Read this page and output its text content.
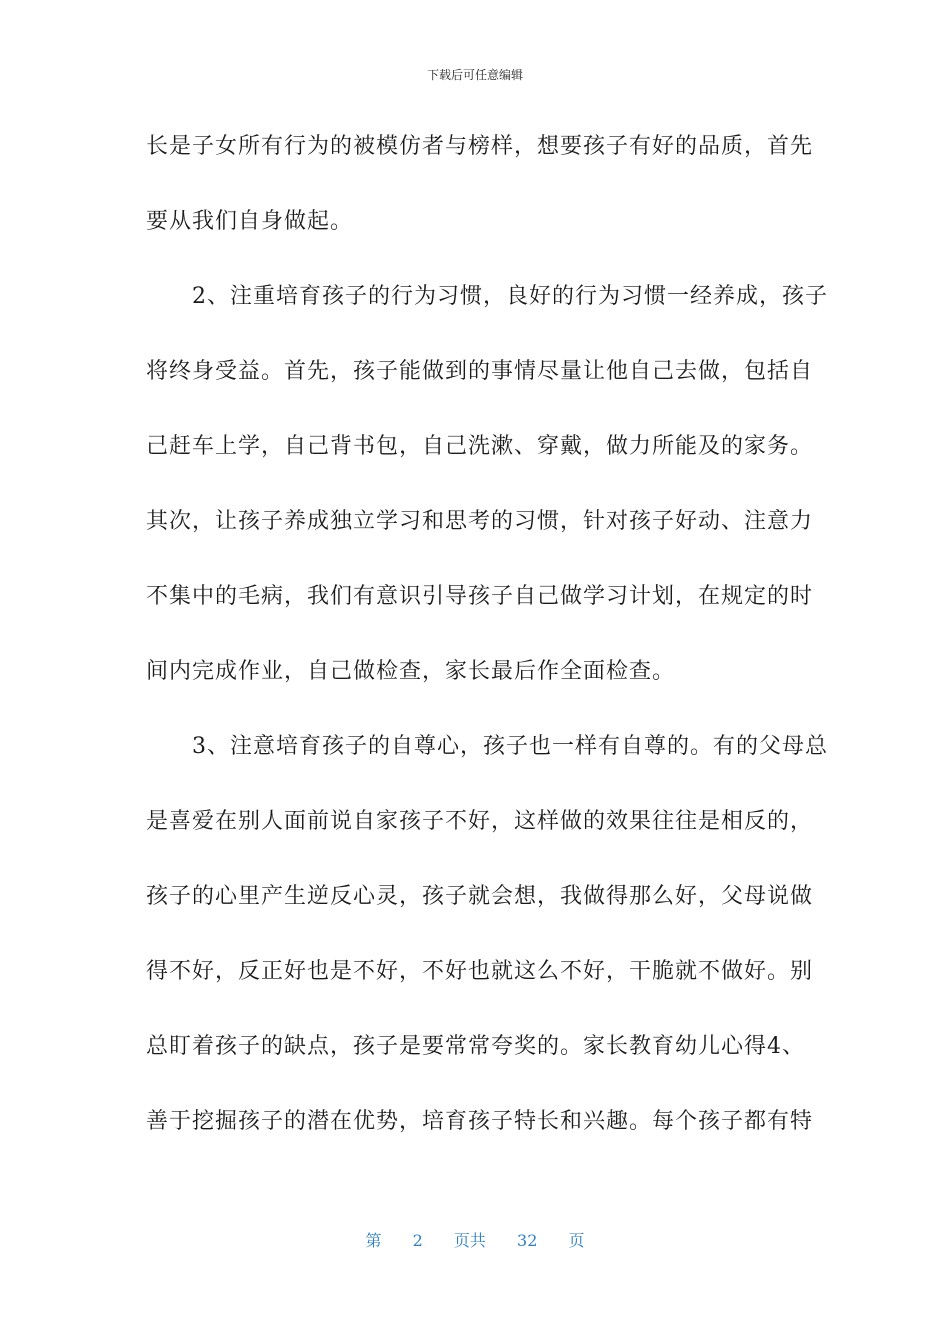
下载后可任意编辑
长是子女所有行为的被模仿者与榜样，想要孩子有好的品质，首先
要从我们自身做起。
　　2、注重培育孩子的行为习惯，良好的行为习惯一经养成，孩子
将终身受益。首先，孩子能做到的事情尽量让他自己去做，包括自
己赶车上学，自己背书包，自己洗漱、穿戴，做力所能及的家务。
其次，让孩子养成独立学习和思考的习惯，针对孩子好动、注意力
不集中的毛病，我们有意识引导孩子自己做学习计划，在规定的时
间内完成作业，自己做检查，家长最后作全面检查。
　　3、注意培育孩子的自尊心，孩子也一样有自尊的。有的父母总
是喜爱在别人面前说自家孩子不好，这样做的效果往往是相反的，
孩子的心里产生逆反心灵，孩子就会想，我做得那么好，父母说做
得不好，反正好也是不好，不好也就这么不好，干脆就不做好。别
总盯着孩子的缺点，孩子是要常常夸奖的。家长教育幼儿心得4、
善于挖掘孩子的潜在优势，培育孩子特长和兴趣。每个孩子都有特
第 2 页共 32 页
